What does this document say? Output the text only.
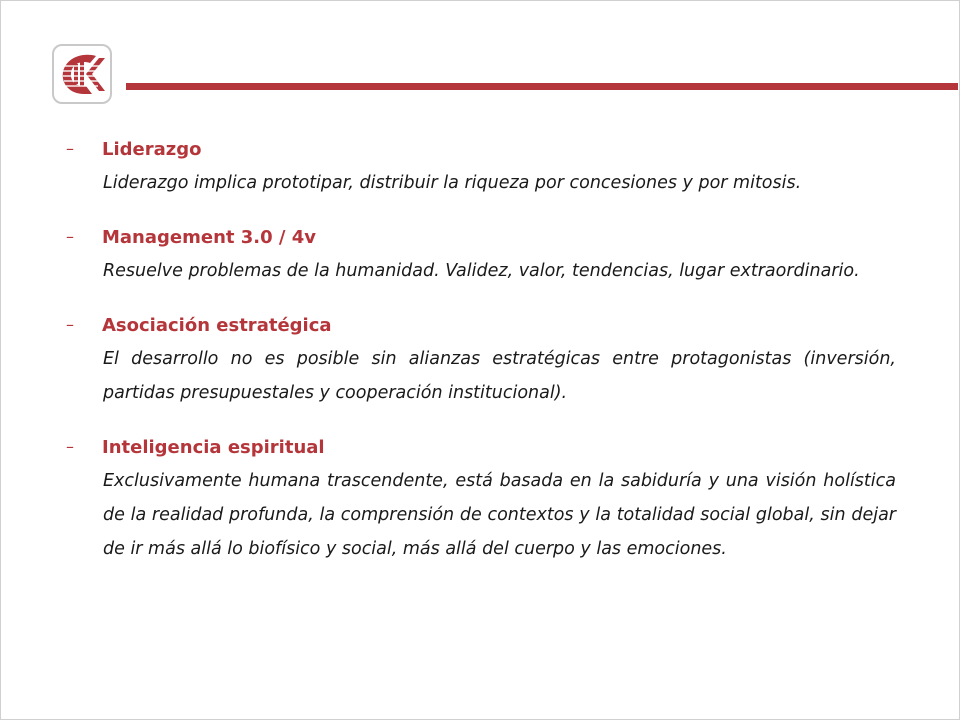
–	Liderazgo
Liderazgo implica prototipar, distribuir la riqueza por concesiones y por mitosis.
–	Management 3.0 / 4v
Resuelve problemas de la humanidad. Validez, valor, tendencias, lugar extraordinario.
–	Asociación estratégica
El desarrollo no es posible sin alianzas estratégicas entre protagonistas (inversión, partidas presupuestales y cooperación institucional).
–	Inteligencia espiritual
Exclusivamente humana trascendente, está basada en la sabiduría y una visión holística de la realidad profunda, la comprensión de contextos y la totalidad social global, sin dejar de ir más allá lo biofísico y social, más allá del cuerpo y las emociones.
